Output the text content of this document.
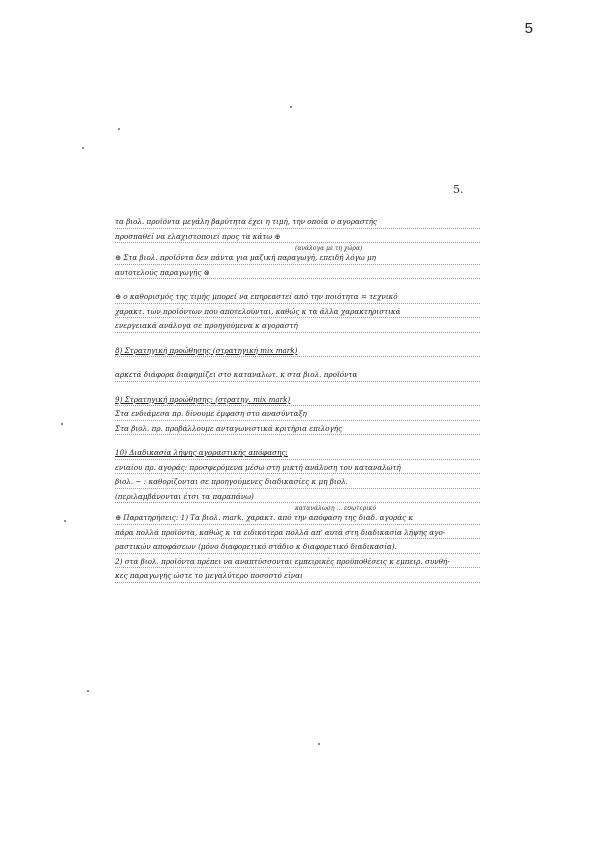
5
5.
τα βιολ. προϊόντα μεγάλη βαρύτητα έχει η τιμή, την οποία ο αγοραστής
προσπαθεί να ελαχιστοποιεί προς τα κάτω ⊕
(ανάλογα με τη χώρα)
⊕ Στα βιολ. προϊόντα δεν πάντα για μαζική παραγωγή, επειδή λόγω μη
αυτοτελούς παραγωγής ⊗
⊕ ο καθορισμός της τιμής μπορεί να επηρεαστεί από την ποιότητα = τεχνικό
χαρακτ. των προϊόντων που αποτελούνται, καθώς κ τα άλλα χαρακτηριστικά
ενεργειακά ανάλογα σε προηγούμενα κ αγοραστή
8) Στρατηγική προώθησης (στρατηγική mix mark)
αρκετά διάφορα διαφημίζει στο καταναλωτ. κ στα βιολ. προϊόντα
9) Στρατηγική προώθησης: (στρατηγ. mix mark)
Στα ενδιάμεσα πρ. δίνουμε έμφαση στο ανασύνταξη
Στα βιολ. πρ. προβάλλουμε ανταγωνιστικά κριτήρια επιλογής
10) Διαδικασία λήψης αγοραστικής απόφασης:
ενιαίου πρ. αγοράς: προσφερόμενα μέσω στη μικτή ανάλυση του καταναλωτή
βιολ. ~ : καθορίζονται σε προηγούμενες διαδικασίες κ μη βιολ.
(περιλαμβάνονται έτσι τα παραπάνω)
κατανάλωση ... εσωτερικό
⊕ Παρατηρήσεις: 1) Τα βιολ. mark. χαρακτ. από την απόφαση της διαδ. αγοράς κ
πάρα πολλά προϊόντα, καθώς κ τα ειδικότερα πολλά απ' αυτά στη διαδικασία λήψης αγο-
ραστικών αποφάσεων (μόνο διαφορετικό στάδιο κ διαφορετικό διαδικασία).
2) στα βιολ. προϊόντα πρέπει να αναπτύσσονται εμπειρικές προϋποθέσεις κ εμπειρ. συνθή-
κες παραγωγής ώστε το μεγαλύτερο ποσοστό είναι
